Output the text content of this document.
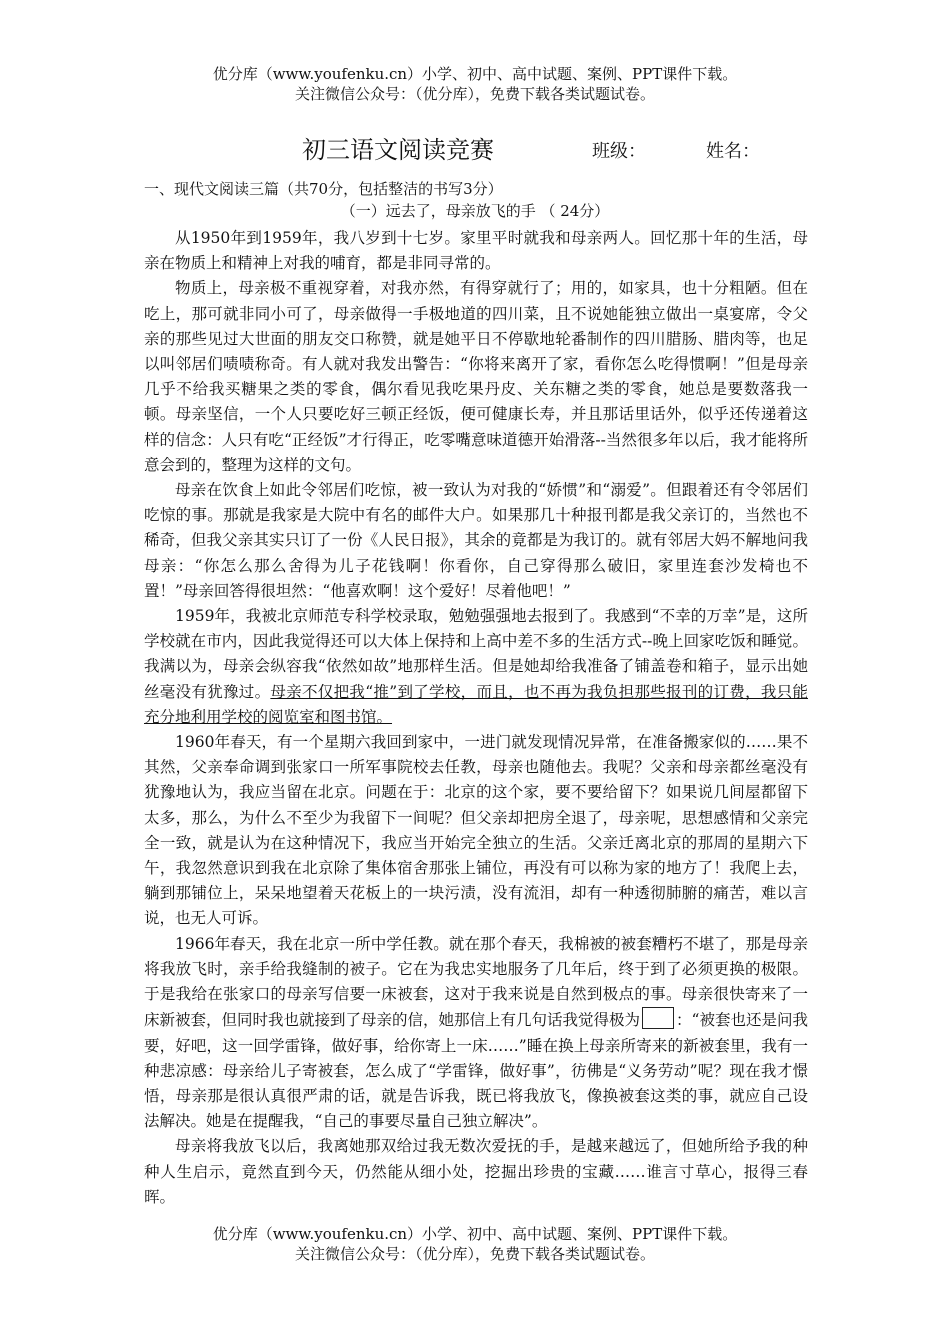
优分库（www.youfenku.cn）小学、初中、高中试题、案例、PPT课件下载。
关注微信公众号：（优分库），免费下载各类试题试卷。
初三语文阅读竞赛	班级：	姓名：
一、现代文阅读三篇（共70分，包括整洁的书写3分）
（一）远去了，母亲放飞的手 （ 24分）

从1950年到1959年，我八岁到十七岁。家里平时就我和母亲两人。回忆那十年的生活，母亲在物质上和精神上对我的哺育，都是非同寻常的。

物质上，母亲极不重视穿着，对我亦然，有得穿就行了；用的，如家具，也十分粗陋。但在吃上，那可就非同小可了，母亲做得一手极地道的四川菜，且不说她能独立做出一桌宴席，令父亲的那些见过大世面的朋友交口称赞，就是她平日不停歇地轮番制作的四川腊肠、腊肉等，也足以叫邻居们啧啧称奇。有人就对我发出警告：“你将来离开了家，看你怎么吃得惯啊！”但是母亲几乎不给我买糖果之类的零食，偶尔看见我吃果丹皮、关东糖之类的零食，她总是要数落我一顿。母亲坚信，一个人只要吃好三顿正经饭，便可健康长寿，并且那话里话外，似乎还传递着这样的信念：人只有吃“正经饭”才行得正，吃零嘴意味道德开始滑落--当然很多年以后，我才能将所意会到的，整理为这样的文句。

母亲在饮食上如此令邻居们吃惊，被一致认为对我的“娇惯”和“溺爱”。但跟着还有令邻居们吃惊的事。那就是我家是大院中有名的邮件大户。如果那几十种报刊都是我父亲订的，当然也不稀奇，但我父亲其实只订了一份《人民日报》，其余的竟都是为我订的。就有邻居大妈不解地问我母亲：“你怎么那么舍得为儿子花钱啊！你看你，自己穿得那么破旧，家里连套沙发椅也不置！”母亲回答得很坦然：“他喜欢啊！这个爱好！尽着他吧！”

1959年，我被北京师范专科学校录取，勉勉强强地去报到了。我感到“不幸的万幸”是，这所学校就在市内，因此我觉得还可以大体上保持和上高中差不多的生活方式--晚上回家吃饭和睡觉。我满以为，母亲会纵容我“依然如故”地那样生活。但是她却给我准备了铺盖卷和箱子，显示出她丝毫没有犹豫过。母亲不仅把我“推”到了学校，而且，也不再为我负担那些报刊的订费，我只能充分地利用学校的阅览室和图书馆。

1960年春天，有一个星期六我回到家中，一进门就发现情况异常，在准备搬家似的……果不其然，父亲奉命调到张家口一所军事院校去任教，母亲也随他去。我呢？父亲和母亲都丝毫没有犹豫地认为，我应当留在北京。问题在于：北京的这个家，要不要给留下？如果说几间屋都留下太多，那么，为什么不至少为我留下一间呢？但父亲却把房全退了，母亲呢，思想感情和父亲完全一致，就是认为在这种情况下，我应当开始完全独立的生活。父亲迁离北京的那周的星期六下午，我忽然意识到我在北京除了集体宿舍那张上铺位，再没有可以称为家的地方了！我爬上去，躺到那铺位上，呆呆地望着天花板上的一块污渍，没有流泪，却有一种透彻肺腑的痛苦，难以言说，也无人可诉。

1966年春天，我在北京一所中学任教。就在那个春天，我棉被的被套糟朽不堪了，那是母亲将我放飞时，亲手给我缝制的被子。它在为我忠实地服务了几年后，终于到了必须更换的极限。于是我给在张家口的母亲写信要一床被套，这对于我来说是自然到极点的事。母亲很快寄来了一床新被套，但同时我也就接到了母亲的信，她那信上有几句话我觉得极为 ：“被套也还是问我要，好吧，这一回学雷锋，做好事，给你寄上一床……”睡在换上母亲所寄来的新被套里，我有一种悲凉感：母亲给儿子寄被套，怎么成了“学雷锋，做好事”，彷佛是“义务劳动”呢？现在我才憬悟，母亲那是很认真很严肃的话，就是告诉我，既已将我放飞，像换被套这类的事，就应自己设法解决。她是在提醒我，“自己的事要尽量自己独立解决”。

母亲将我放飞以后，我离她那双给过我无数次爱抚的手，是越来越远了，但她所给予我的种种人生启示，竟然直到今天，仍然能从细小处，挖掘出珍贵的宝藏……谁言寸草心，报得三春晖。

优分库（www.youfenku.cn）小学、初中、高中试题、案例、PPT课件下载。
关注微信公众号：（优分库），免费下载各类试题试卷。
